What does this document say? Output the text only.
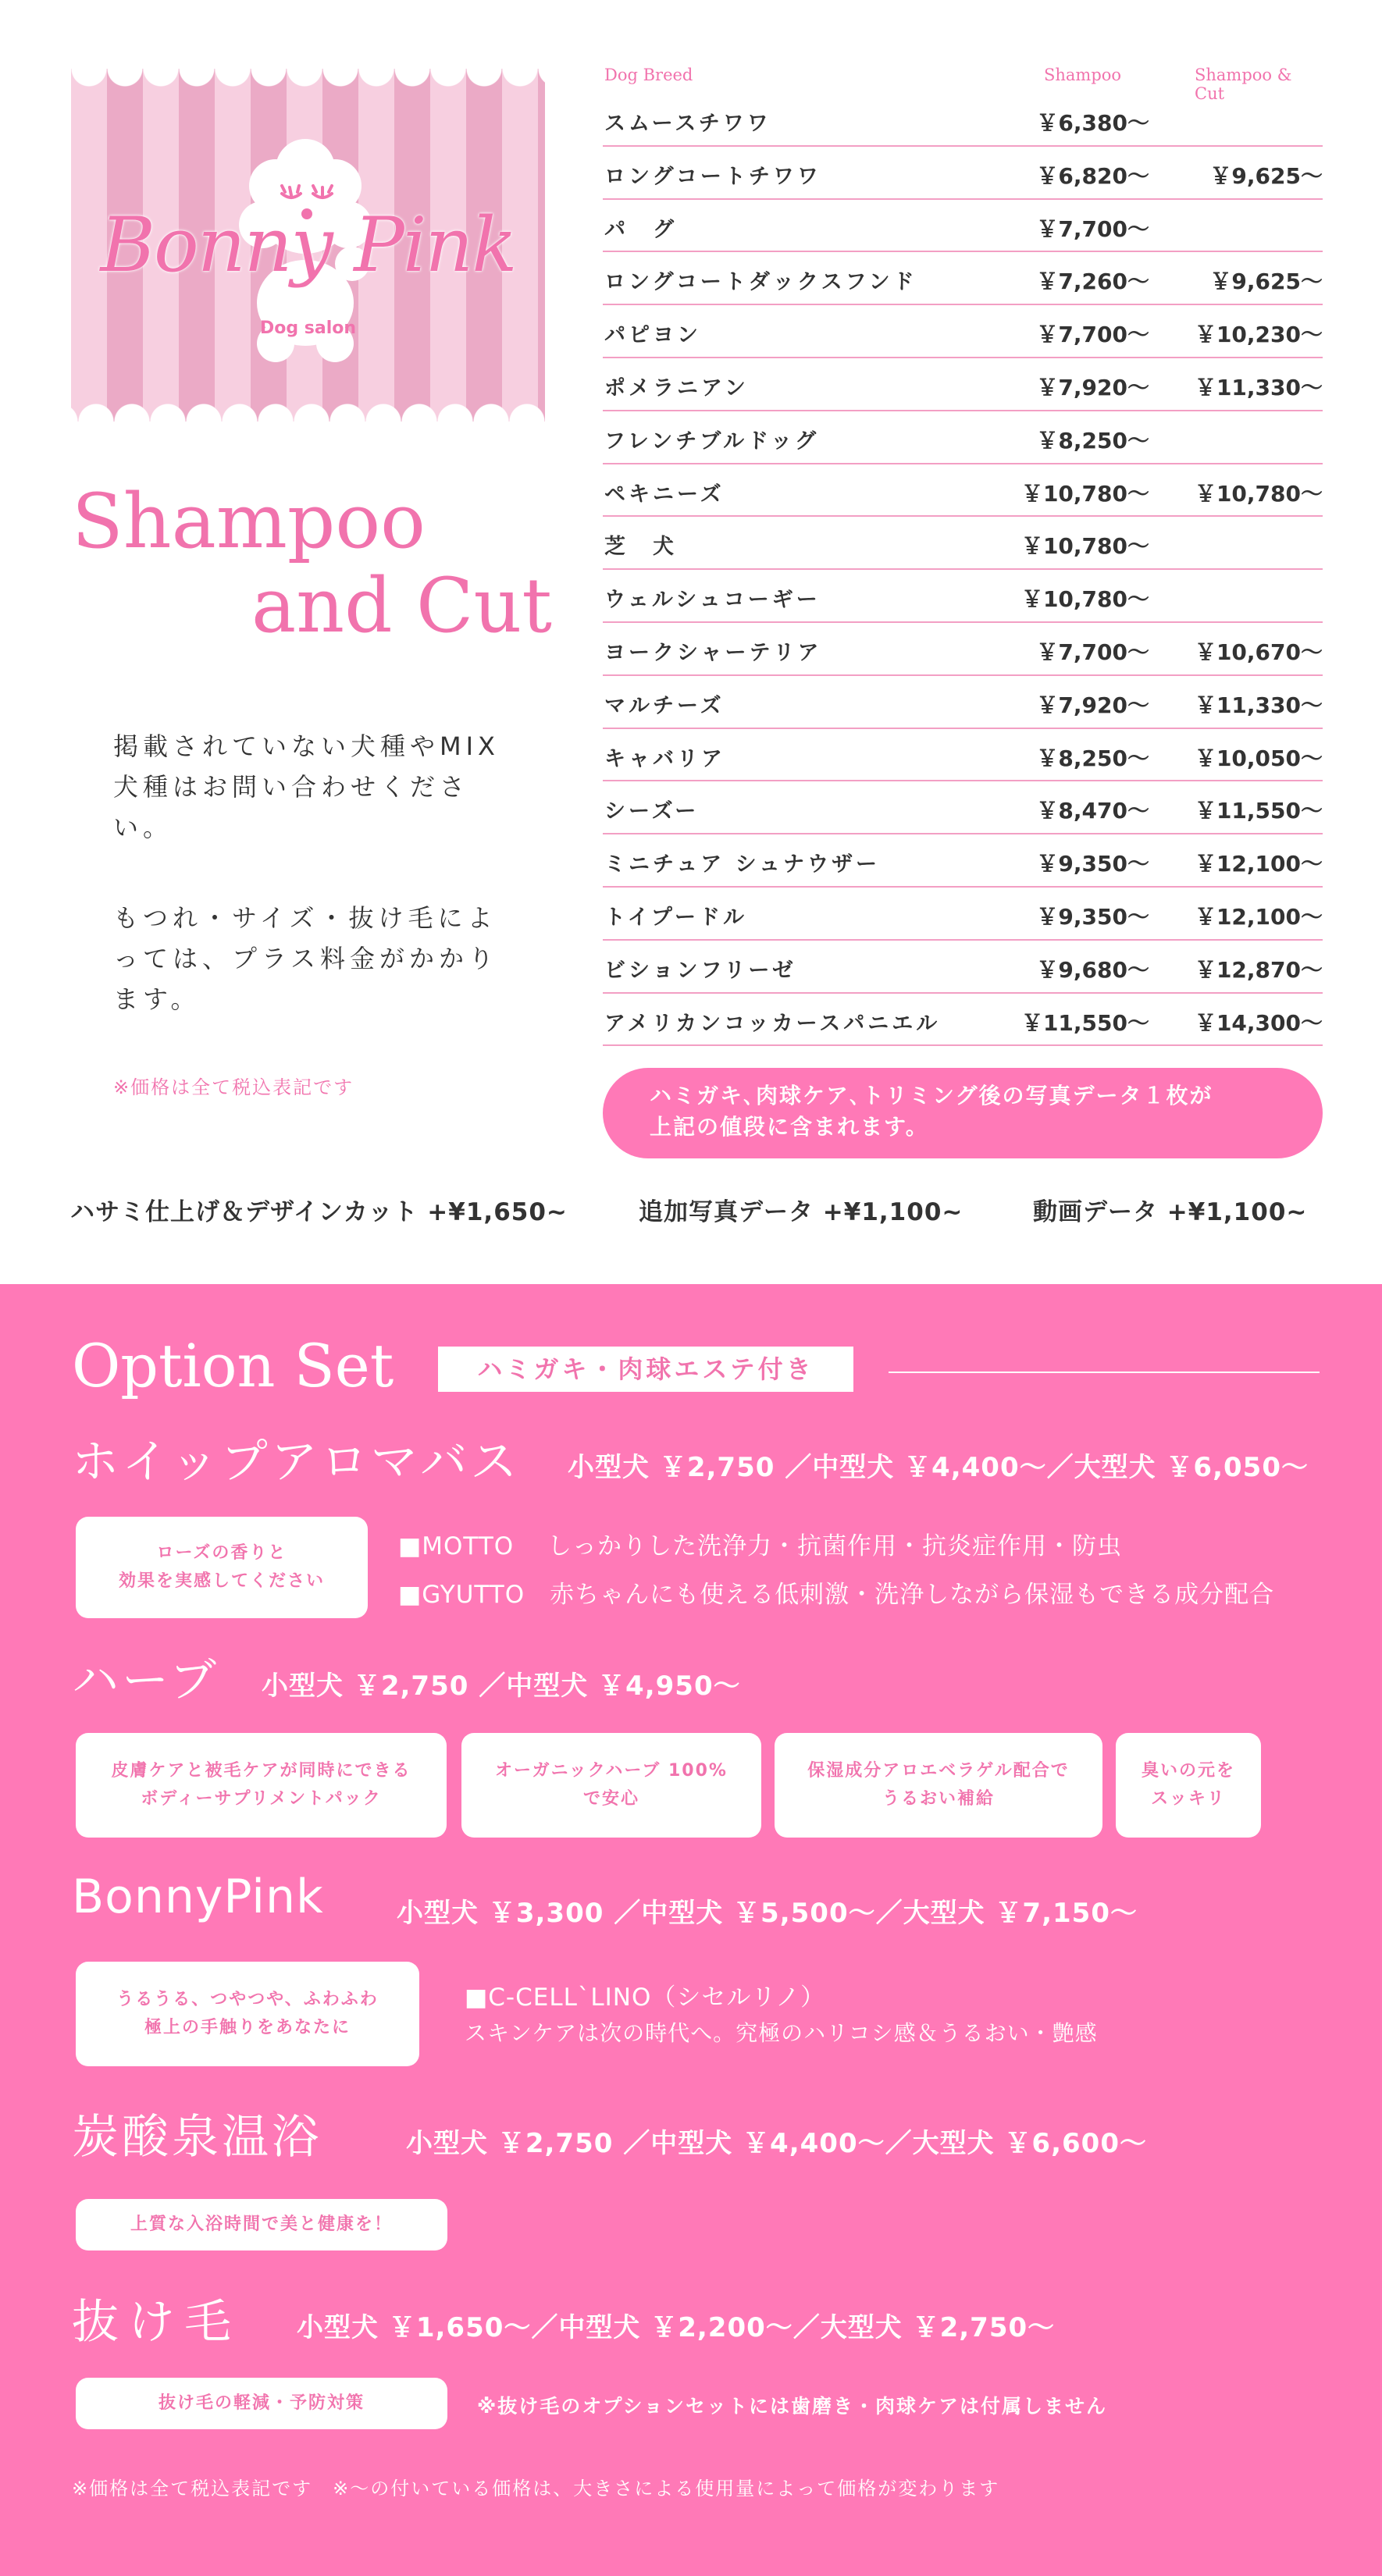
Bonny Pink
Dog salon
Shampoo
and Cut

掲載されていない犬種やMIX犬種はお問い合わせください。

もつれ・サイズ・抜け毛によっては、プラス料金がかかります。

※価格は全て税込表記です

Dog Breed	Shampoo	Shampoo & Cut
スムースチワワ	￥6,380～
ロングコートチワワ	￥6,820～	￥9,625～
パ　グ	￥7,700～
ロングコートダックスフンド	￥7,260～	￥9,625～
パピヨン	￥7,700～ ￥10,230～
ポメラニアン	￥7,920～ ￥11,330～
フレンチブルドッグ	￥8,250～
ペキニーズ	￥10,780～ ￥10,780～
芝　犬	￥10,780～
ウェルシュコーギー	￥10,780～
ヨークシャーテリア	￥7,700～ ￥10,670～
マルチーズ	￥7,920～ ￥11,330～
キャバリア	￥8,250～ ￥10,050～
シーズー	￥8,470～ ￥11,550～
ミニチュア シュナウザー	￥9,350～ ￥12,100～
トイプードル	￥9,350～ ￥12,100～
ビションフリーゼ	￥9,680～ ￥12,870～
アメリカンコッカースパニエル	￥11,550～ ￥14,300～
ハミガキ､肉球ケア､トリミング後の写真データ１枚が
上記の値段に含まれます。
ハサミ仕上げ＆デザインカット +¥1,650~	追加写真データ +¥1,100~	動画データ +¥1,100~
Option Set	ハミガキ・肉球エステ付き
ホイップアロマバス 小型犬 ￥2,750 ／中型犬 ￥4,400～／大型犬 ￥6,050～
ローズの香りと
効果を実感してください
■MOTTO　 しっかりした洗浄力・抗菌作用・抗炎症作用・防虫
■GYUTTO　赤ちゃんにも使える低刺激・洗浄しながら保湿もできる成分配合
ハーブ 小型犬 ￥2,750 ／中型犬 ￥4,950～
皮膚ケアと被毛ケアが同時にできる
ボディーサプリメントパック
オーガニックハーブ 100%
で安心
保湿成分アロエベラゲル配合で
うるおい補給
臭いの元を
スッキリ
BonnyPink	小型犬 ￥3,300 ／中型犬 ￥5,500～／大型犬 ￥7,150～
うるうる、つやつや、ふわふわ
極上の手触りをあなたに
■C-CELL`LINO（シセルリノ）
スキンケアは次の時代へ。究極のハリコシ感＆うるおい・艶感
炭酸泉温浴	小型犬 ￥2,750 ／中型犬 ￥4,400～／大型犬 ￥6,600～
上質な入浴時間で美と健康を！
抜け毛 小型犬 ￥1,650～／中型犬 ￥2,200～／大型犬 ￥2,750～
抜け毛の軽減・予防対策	※抜け毛のオプションセットには歯磨き・肉球ケアは付属しません
※価格は全て税込表記です　※～の付いている価格は、大きさによる使用量によって価格が変わります
